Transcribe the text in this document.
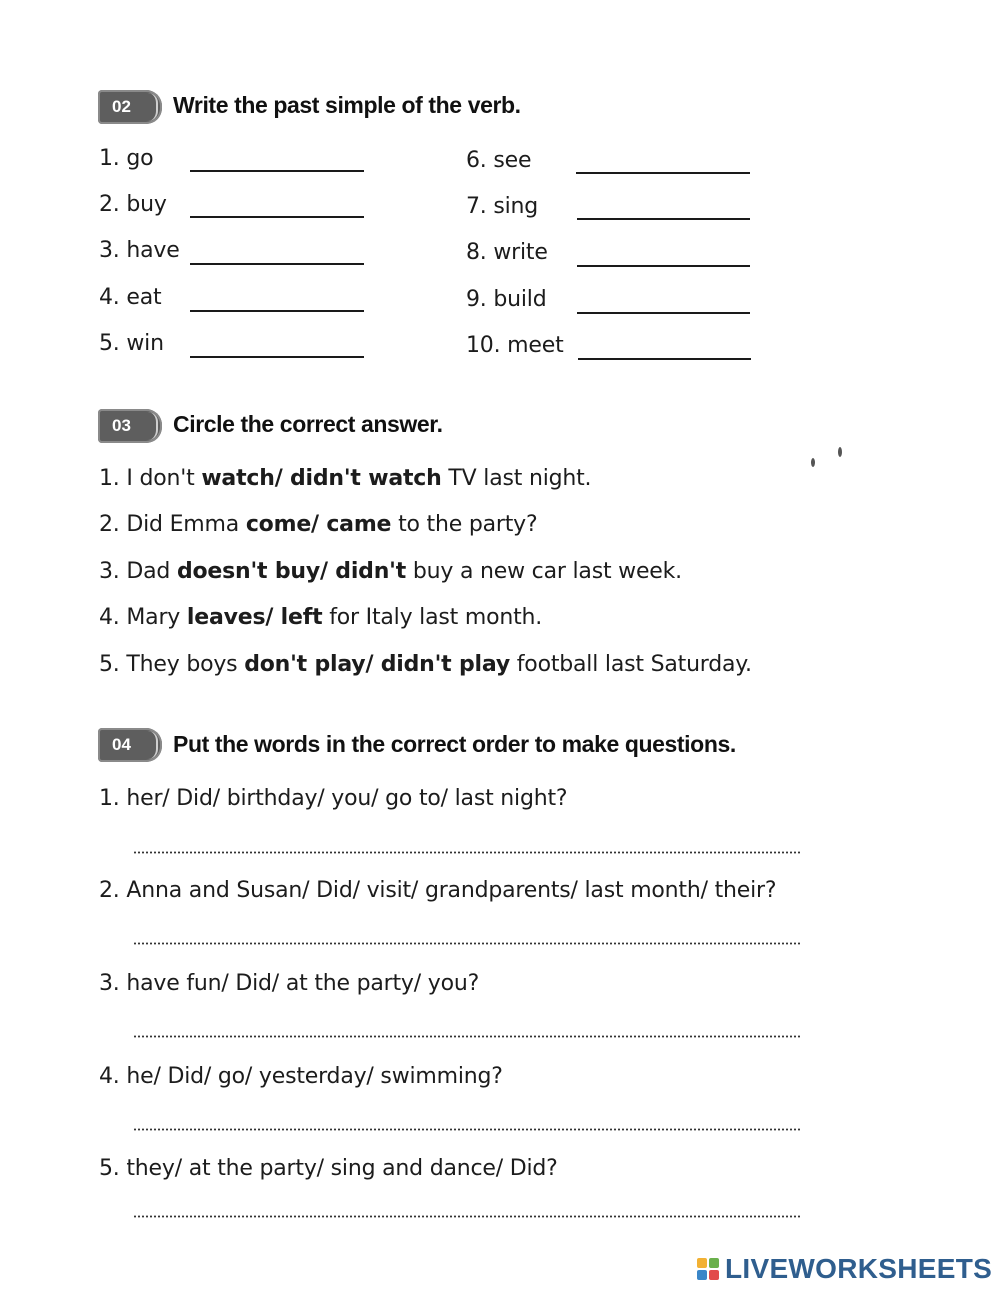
02	Write the past simple of the verb.
1. go
2. buy
3. have
4. eat
5. win
6. see
7. sing
8. write
9. build
10. meet
03	Circle the correct answer.
1. I don't watch/ didn't watch TV last night.
2. Did Emma come/ came to the party?
3. Dad doesn't buy/ didn't buy a new car last week.
4. Mary leaves/ left for Italy last month.
5. They boys don't play/ didn't play football last Saturday.
04	Put the words in the correct order to make questions.
1. her/ Did/ birthday/ you/ go to/ last night?
2. Anna and Susan/ Did/ visit/ grandparents/ last month/ their?
3. have fun/ Did/ at the party/ you?
4. he/ Did/ go/ yesterday/ swimming?
5. they/ at the party/ sing and dance/ Did?
LIVEWORKSHEETS
